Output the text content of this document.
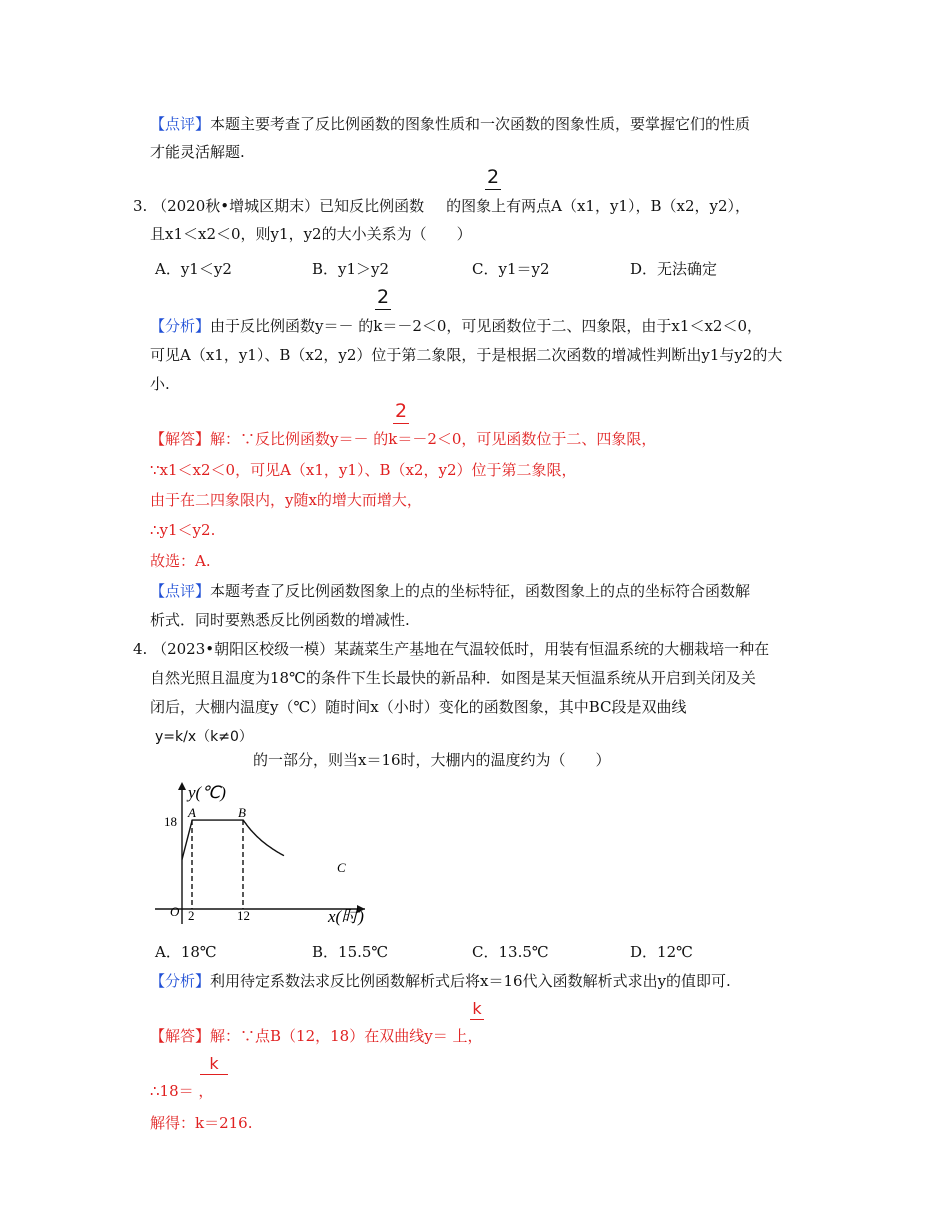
【点评】本题主要考查了反比例函数的图象性质和一次函数的图象性质，要掌握它们的性质
才能灵活解题.
2
3. （2020秋•增城区期末）已知反比例函数 的图象上有两点A（x1，y1），B（x2，y2），
且x1＜x2＜0，则y1，y2的大小关系为（　　）
A．y1＜y2	B．y1＞y2	C．y1＝y2	D．无法确定
2
【分析】由于反比例函数y＝－ 的k＝－2＜0，可见函数位于二、四象限，由于x1＜x2＜0，
可见A（x1，y1）、B（x2，y2）位于第二象限，于是根据二次函数的增减性判断出y1与y2的大
小.
2
【解答】解：∵反比例函数y＝－ 的k＝－2＜0，可见函数位于二、四象限，
∵x1＜x2＜0，可见A（x1，y1）、B（x2，y2）位于第二象限，
由于在二四象限内，y随x的增大而增大，
∴y1＜y2.
故选：A.
【点评】本题考查了反比例函数图象上的点的坐标特征，函数图象上的点的坐标符合函数解
析式．同时要熟悉反比例函数的增减性.
4. （2023•朝阳区校级一模）某蔬菜生产基地在气温较低时，用装有恒温系统的大棚栽培一种在
自然光照且温度为18℃的条件下生长最快的新品种．如图是某天恒温系统从开启到关闭及关
闭后，大棚内温度y（℃）随时间x（小时）变化的函数图象，其中BC段是双曲线
y=k/x（k≠0）
的一部分，则当x＝16时，大棚内的温度约为（　　）
y(℃)
x(时)
O
18
2	12
A	B
C
A．18℃	B．15.5℃	C．13.5℃	D．12℃
【分析】利用待定系数法求反比例函数解析式后将x＝16代入函数解析式求出y的值即可.
k
【解答】解：∵点B（12，18）在双曲线y＝ 上，
k
∴18＝ ，
解得：k＝216.
